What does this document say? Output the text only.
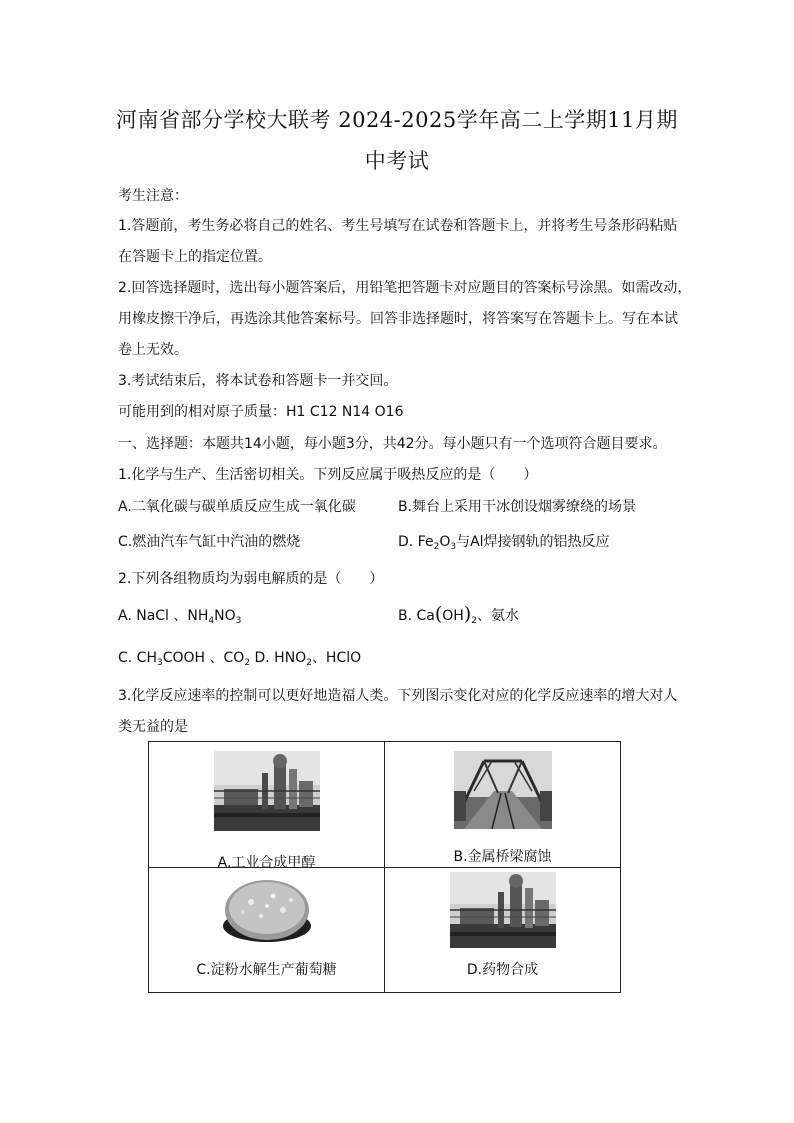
河南省部分学校大联考 2024-2025学年高二上学期11月期
中考试
考生注意：
1.答题前，考生务必将自己的姓名、考生号填写在试卷和答题卡上，并将考生号条形码粘贴
在答题卡上的指定位置。
2.回答选择题时，选出每小题答案后，用铅笔把答题卡对应题目的答案标号涂黑。如需改动，
用橡皮擦干净后，再选涂其他答案标号。回答非选择题时，将答案写在答题卡上。写在本试
卷上无效。
3.考试结束后，将本试卷和答题卡一并交回。
可能用到的相对原子质量：H1 C12 N14 O16
一、选择题：本题共14小题，每小题3分，共42分。每小题只有一个选项符合题目要求。
1.化学与生产、生活密切相关。下列反应属于吸热反应的是（　　）
A.二氧化碳与碳单质反应生成一氧化碳	B.舞台上采用干冰创设烟雾缭绕的场景
C.燃油汽车气缸中汽油的燃烧	D. $Fe_2O_3$与Al焊接钢轨的铝热反应
2.下列各组物质均为弱电解质的是（　　）
A. NaCl 、$NH_4NO_3$	B. $Ca(OH)_2$、氨水
C. $CH_3COOH$ 、$CO_2$ D. $HNO_2$、HClO
3.化学反应速率的控制可以更好地造福人类。下列图示变化对应的化学反应速率的增大对人
类无益的是
A.工业合成甲醇	B.金属桥梁腐蚀

C.淀粉水解生产葡萄糖	D.药物合成
